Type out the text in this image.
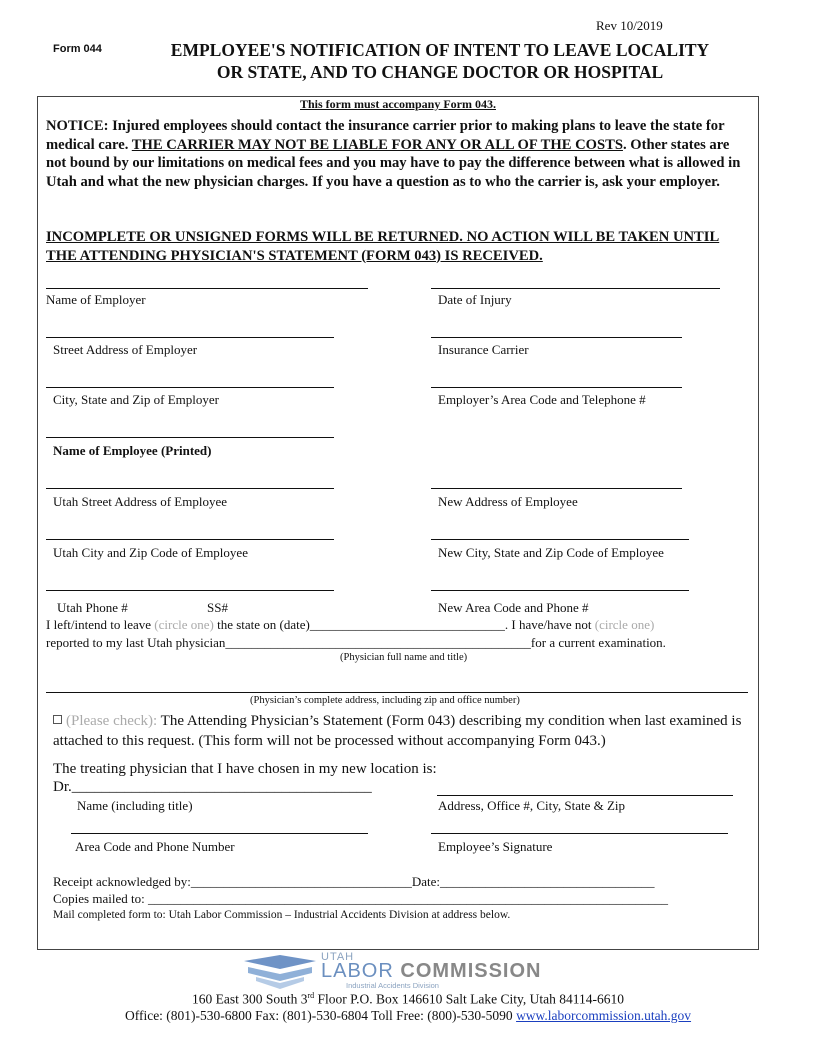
Rev 10/2019
Form 044	EMPLOYEE'S NOTIFICATION OF INTENT TO LEAVE LOCALITY
OR STATE, AND TO CHANGE DOCTOR OR HOSPITAL
This form must accompany Form 043.
NOTICE: Injured employees should contact the insurance carrier prior to making plans to leave the state for medical care. THE CARRIER MAY NOT BE LIABLE FOR ANY OR ALL OF THE COSTS. Other states are not bound by our limitations on medical fees and you may have to pay the difference between what is allowed in Utah and what the new physician charges. If you have a question as to who the carrier is, ask your employer.
INCOMPLETE OR UNSIGNED FORMS WILL BE RETURNED. NO ACTION WILL BE TAKEN UNTIL THE ATTENDING PHYSICIAN'S STATEMENT (FORM 043) IS RECEIVED.
Name of Employer	Date of Injury
Street Address of Employer	Insurance Carrier
City, State and Zip of Employer	Employer’s Area Code and Telephone #
Name of Employee (Printed)
Utah Street Address of Employee	New Address of Employee
Utah City and Zip Code of Employee	New City, State and Zip Code of Employee
Utah Phone #	SS#	New Area Code and Phone #
I left/intend to leave (circle one) the state on (date)______________________________. I have/have not (circle one)
reported to my last Utah physician_______________________________________________for a current examination.
(Physician full name and title)
(Physician’s complete address, including zip and office number)
(Please check): The Attending Physician’s Statement (Form 043) describing my condition when last examined is attached to this request. (This form will not be processed without accompanying Form 043.)
The treating physician that I have chosen in my new location is:
Dr.________________________________________
Name (including title)	Address, Office #, City, State & Zip
Area Code and Phone Number	Employee’s Signature
Receipt acknowledged by:__________________________________Date:_________________________________
Copies mailed to: ________________________________________________________________________________
Mail completed form to: Utah Labor Commission – Industrial Accidents Division at address below.
UTAH
LABOR COMMISSION
Industrial Accidents Division
160 East 300 South 3rd Floor P.O. Box 146610 Salt Lake City, Utah 84114-6610
Office: (801)-530-6800 Fax: (801)-530-6804 Toll Free: (800)-530-5090 www.laborcommission.utah.gov
